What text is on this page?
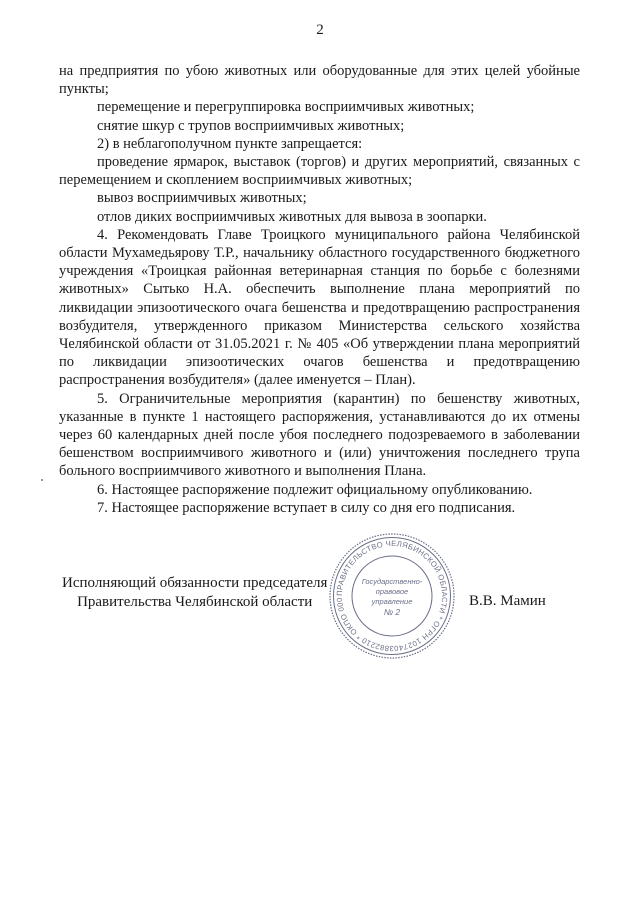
2

на предприятия по убою животных или оборудованные для этих целей убойные пункты;

перемещение и перегруппировка восприимчивых животных;

снятие шкур с трупов восприимчивых животных;

2) в неблагополучном пункте запрещается:

проведение ярмарок, выставок (торгов) и других мероприятий, связанных с перемещением и скоплением восприимчивых животных;

вывоз восприимчивых животных;

отлов диких восприимчивых животных для вывоза в зоопарки.

4. Рекомендовать Главе Троицкого муниципального района Челябинской области Мухамедьярову Т.Р., начальнику областного государственного бюджетного учреждения «Троицкая районная ветеринарная станция по борьбе с болезнями животных» Сытько Н.А. обеспечить выполнение плана мероприятий по ликвидации эпизоотического очага бешенства и предотвращению распространения возбудителя, утвержденного приказом Министерства сельского хозяйства Челябинской области от 31.05.2021 г. № 405 «Об утверждении плана мероприятий по ликвидации эпизоотических очагов бешенства и предотвращению распространения возбудителя» (далее именуется – План).

5. Ограничительные мероприятия (карантин) по бешенству животных, указанные в пункте 1 настоящего распоряжения, устанавливаются до их отмены через 60 календарных дней после убоя последнего подозреваемого в заболевании бешенством восприимчивого животного и (или) уничтожения последнего трупа больного восприимчивого животного и выполнения Плана.

6. Настоящее распоряжение подлежит официальному опубликованию.

7. Настоящее распоряжение вступает в силу со дня его подписания.

Исполняющий обязанности председателя
Правительства Челябинской области
ПРАВИТЕЛЬСТВО ЧЕЛЯБИНСКОЙ ОБЛАСТИ * ОГРН 1027403882210 * ОКПО 000
Государственно-
правовое
управление
№ 2
В.В. Мамин
